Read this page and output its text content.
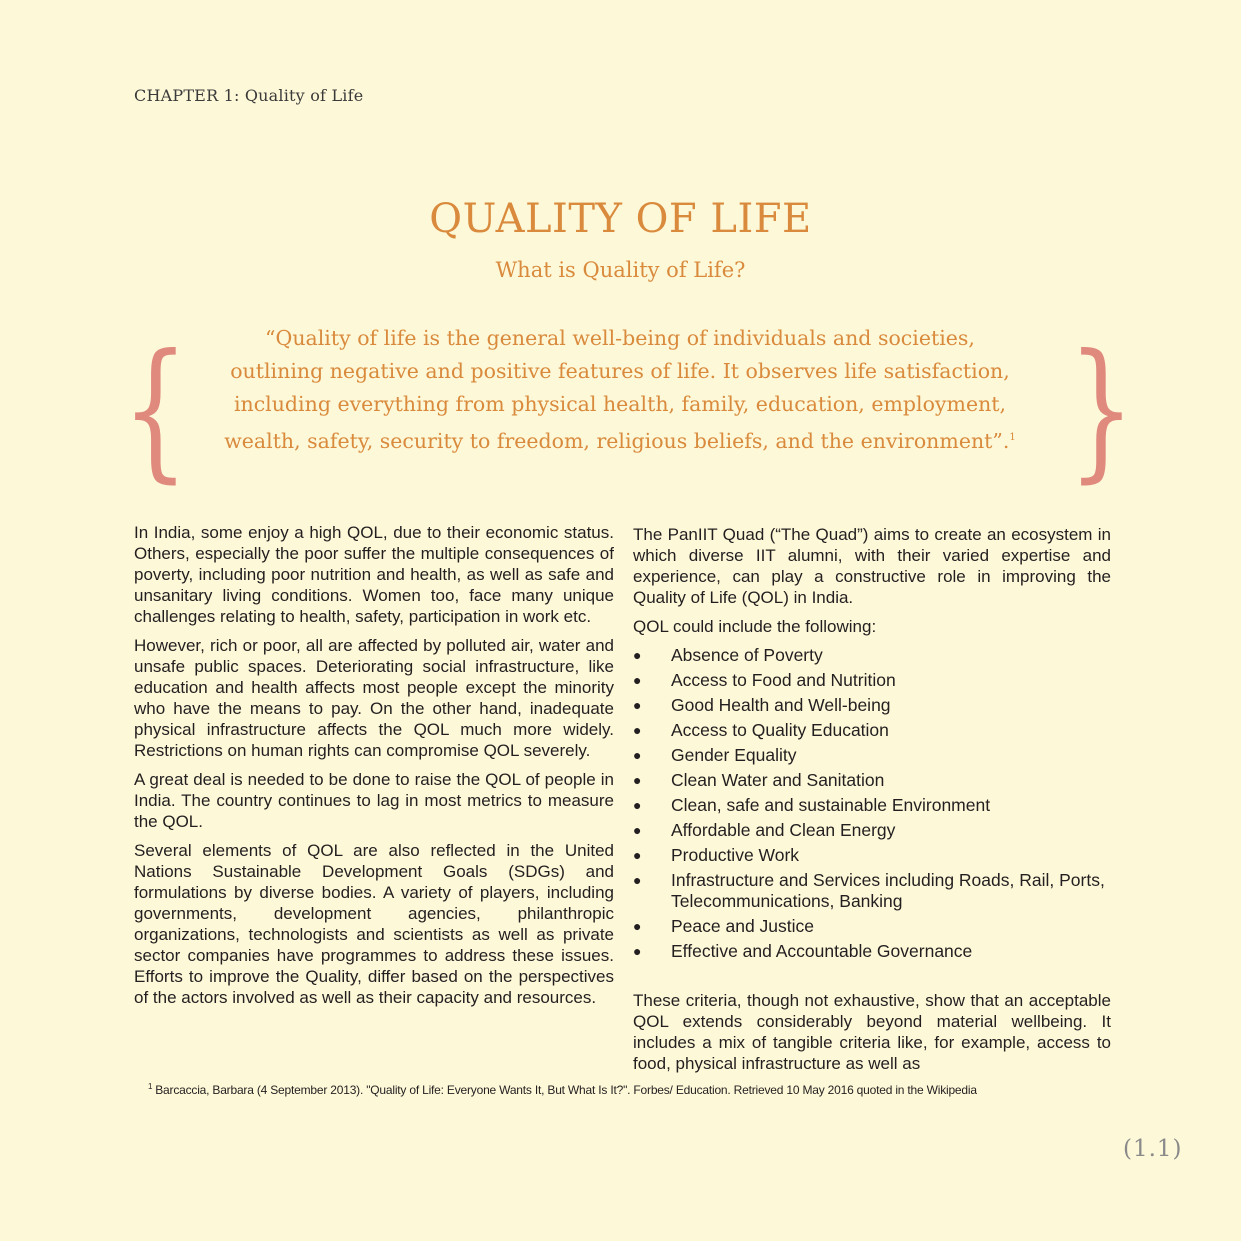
CHAPTER 1: Quality of Life
QUALITY OF LIFE
What is Quality of Life?
{	}
“Quality of life is the general well-being of individuals and societies,
outlining negative and positive features of life. It observes life satisfaction,
including everything from physical health, family, education, employment,
wealth, safety, security to freedom, religious beliefs, and the environment”.$^1$

In India, some enjoy a high QOL, due to their economic status. Others, especially the poor suffer the multiple consequences of poverty, including poor nutrition and health, as well as safe and unsanitary living conditions. Women too, face many unique challenges relating to health, safety, participation in work etc.

However, rich or poor, all are affected by polluted air, water and unsafe public spaces. Deteriorating social infrastructure, like education and health affects most people except the minority who have the means to pay. On the other hand, inadequate physical infrastructure affects the QOL much more widely. Restrictions on human rights can compromise QOL severely.

A great deal is needed to be done to raise the QOL of people in India. The country continues to lag in most metrics to measure the QOL.

Several elements of QOL are also reflected in the United Nations Sustainable Development Goals (SDGs) and formulations by diverse bodies. A variety of players, including governments, development agencies, philanthropic organizations, technologists and scientists as well as private sector companies have programmes to address these issues. Efforts to improve the Quality, differ based on the perspectives of the actors involved as well as their capacity and resources.

The PanIIT Quad (“The Quad”) aims to create an ecosystem in which diverse IIT alumni, with their varied expertise and experience, can play a constructive role in improving the Quality of Life (QOL) in India.

QOL could include the following:

● Absence of Poverty
● Access to Food and Nutrition
● Good Health and Well-being
● Access to Quality Education
● Gender Equality
● Clean Water and Sanitation
● Clean, safe and sustainable Environment
● Affordable and Clean Energy
● Productive Work
● Infrastructure and Services including Roads, Rail, Ports, Telecommunications, Banking
● Peace and Justice
● Effective and Accountable Governance

These criteria, though not exhaustive, show that an acceptable QOL extends considerably beyond material wellbeing. It includes a mix of tangible criteria like, for example, access to food, physical infrastructure as well as

$^1$ Barcaccia, Barbara (4 September 2013). "Quality of Life: Everyone Wants It, But What Is It?". Forbes/ Education. Retrieved 10 May 2016 quoted in the Wikipedia
(1.1)
